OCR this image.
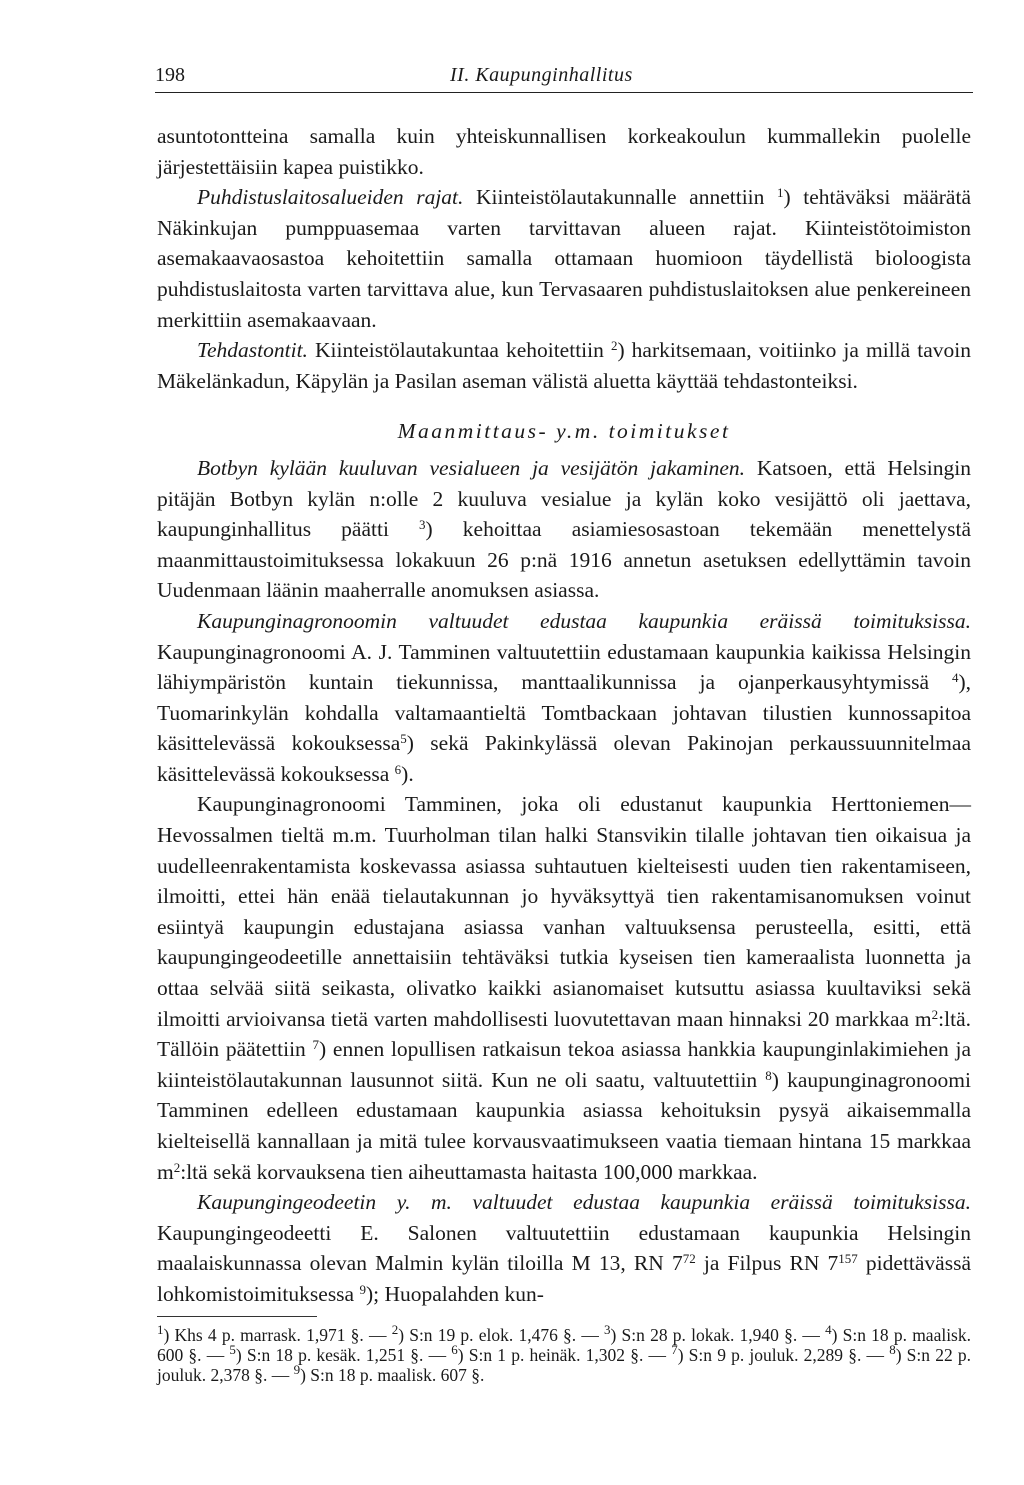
198	II. Kaupunginhallitus

asuntotontteina samalla kuin yhteiskunnallisen korkeakoulun kummallekin puolelle järjestettäisiin kapea puistikko.

Puhdistuslaitosalueiden rajat. Kiinteistölautakunnalle annettiin $^1$) tehtäväksi määrätä Näkinkujan pumppuasemaa varten tarvittavan alueen rajat. Kiinteistötoimiston asemakaavaosastoa kehoitettiin samalla ottamaan huomioon täydellistä bioloogista puhdistuslaitosta varten tarvittava alue, kun Tervasaaren puhdistuslaitoksen alue penkereineen merkittiin asemakaavaan.

Tehdastontit. Kiinteistölautakuntaa kehoitettiin $^2$) harkitsemaan, voitiinko ja millä tavoin Mäkelänkadun, Käpylän ja Pasilan aseman välistä aluetta käyttää tehdastonteiksi.

Maanmittaus- y.m. toimitukset

Botbyn kylään kuuluvan vesialueen ja vesijätön jakaminen. Katsoen, että Helsingin pitäjän Botbyn kylän n:olle 2 kuuluva vesialue ja kylän koko vesijättö oli jaettava, kaupunginhallitus päätti $^3$) kehoittaa asiamiesosastoan tekemään menettelystä maanmittaustoimituksessa lokakuun 26 p:nä 1916 annetun asetuksen edellyttämin tavoin Uudenmaan läänin maaherralle anomuksen asiassa.

Kaupunginagronoomin valtuudet edustaa kaupunkia eräissä toimituksissa. Kaupunginagronoomi A. J. Tamminen valtuutettiin edustamaan kaupunkia kaikissa Helsingin lähiympäristön kuntain tiekunnissa, manttaalikunnissa ja ojanperkausyhtymissä $^4$), Tuomarinkylän kohdalla valtamaantieltä Tomtbackaan johtavan tilustien kunnossapitoa käsittelevässä kokouksessa$^5$) sekä Pakinkylässä olevan Pakinojan perkaussuunnitelmaa käsittelevässä kokouksessa $^6$).

Kaupunginagronoomi Tamminen, joka oli edustanut kaupunkia Herttoniemen—Hevossalmen tieltä m.m. Tuurholman tilan halki Stansvikin tilalle johtavan tien oikaisua ja uudelleenrakentamista koskevassa asiassa suhtautuen kielteisesti uuden tien rakentamiseen, ilmoitti, ettei hän enää tielautakunnan jo hyväksyttyä tien rakentamisanomuksen voinut esiintyä kaupungin edustajana asiassa vanhan valtuuksensa perusteella, esitti, että kaupungingeodeetille annettaisiin tehtäväksi tutkia kyseisen tien kameraalista luonnetta ja ottaa selvää siitä seikasta, olivatko kaikki asianomaiset kutsuttu asiassa kuultaviksi sekä ilmoitti arvioivansa tietä varten mahdollisesti luovutettavan maan hinnaksi 20 markkaa $m^2:ltä$. Tällöin päätettiin $^7$) ennen lopullisen ratkaisun tekoa asiassa hankkia kaupunginlakimiehen ja kiinteistölautakunnan lausunnot siitä. Kun ne oli saatu, valtuutettiin $^8$) kaupunginagronoomi Tamminen edelleen edustamaan kaupunkia asiassa kehoituksin pysyä aikaisemmalla kielteisellä kannallaan ja mitä tulee korvausvaatimukseen vaatia tiemaan hintana 15 markkaa $m^2:ltä$ sekä korvauksena tien aiheuttamasta haitasta 100,000 markkaa.

Kaupungingeodeetin y. m. valtuudet edustaa kaupunkia eräissä toimituksissa. Kaupungingeodeetti E. Salonen valtuutettiin edustamaan kaupunkia Helsingin maalaiskunnassa olevan Malmin kylän tiloilla M 13, RN $7^{72}$ ja Filpus RN $7^{157}$ pidettävässä lohkomistoimituksessa $^9$); Huopalahden kun-

$^1$) Khs 4 p. marrask. 1,971 §. — $^2$) S:n 19 p. elok. 1,476 §. — $^3$) S:n 28 p. lokak. 1,940 §. — $^4$) S:n 18 p. maalisk. 600 §. — $^5$) S:n 18 p. kesäk. 1,251 §. — $^6$) S:n 1 p. heinäk. 1,302 §. — $^7$) S:n 9 p. jouluk. 2,289 §. — $^8$) S:n 22 p. jouluk. 2,378 §. — $^9$) S:n 18 p. maalisk. 607 §.
